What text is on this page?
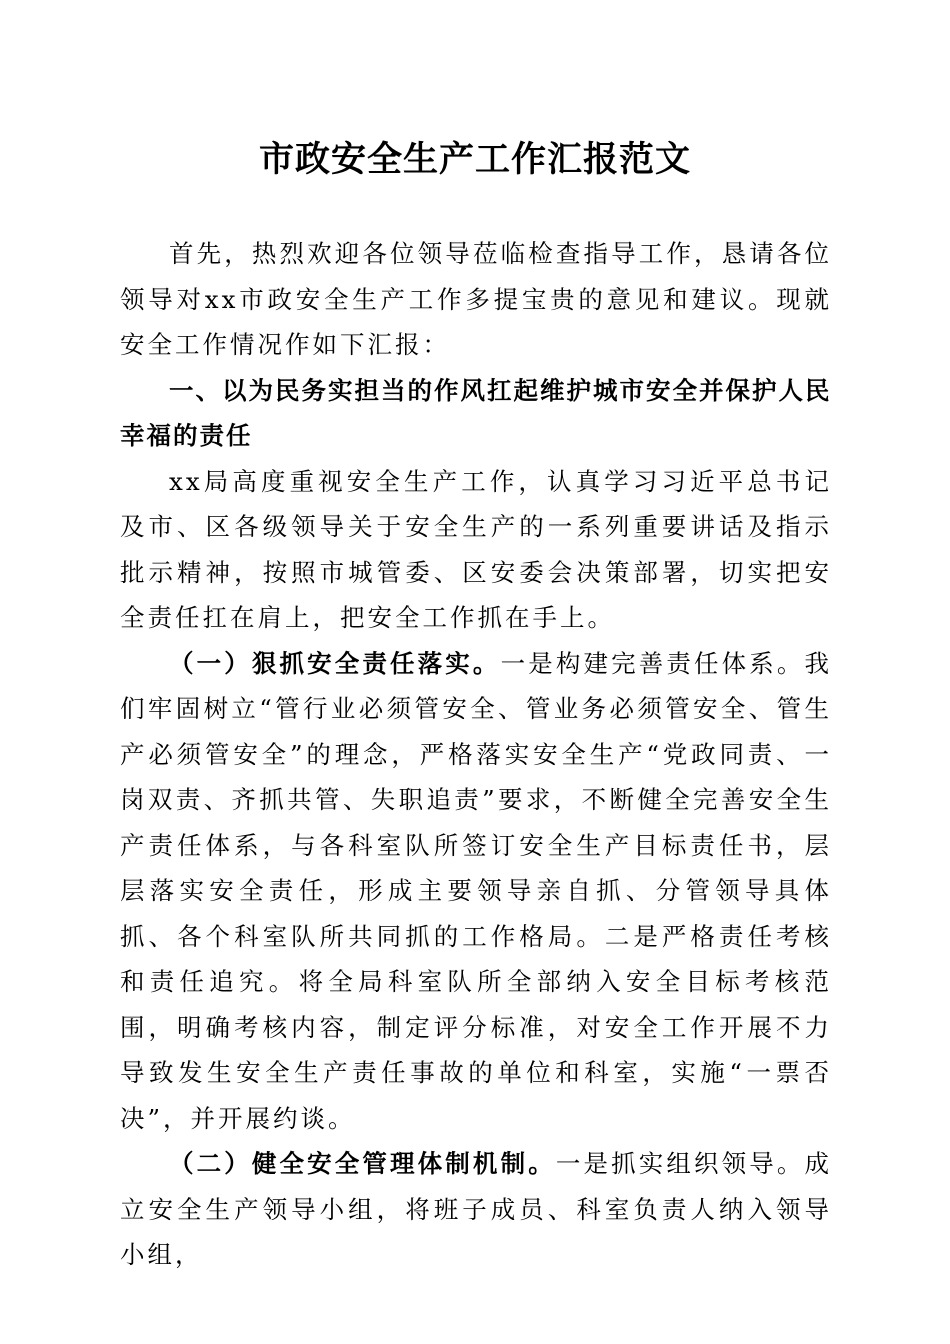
市政安全生产工作汇报范文

首先，热烈欢迎各位领导莅临检查指导工作，恳请各位领导对xx市政安全生产工作多提宝贵的意见和建议。现就安全工作情况作如下汇报：

一、以为民务实担当的作风扛起维护城市安全并保护人民幸福的责任

xx局高度重视安全生产工作，认真学习习近平总书记及市、区各级领导关于安全生产的一系列重要讲话及指示批示精神，按照市城管委、区安委会决策部署，切实把安全责任扛在肩上，把安全工作抓在手上。

（一）狠抓安全责任落实。一是构建完善责任体系。我们牢固树立“管行业必须管安全、管业务必须管安全、管生产必须管安全”的理念，严格落实安全生产“党政同责、一岗双责、齐抓共管、失职追责”要求，不断健全完善安全生产责任体系，与各科室队所签订安全生产目标责任书，层层落实安全责任，形成主要领导亲自抓、分管领导具体抓、各个科室队所共同抓的工作格局。二是严格责任考核和责任追究。将全局科室队所全部纳入安全目标考核范围，明确考核内容，制定评分标准，对安全工作开展不力导致发生安全生产责任事故的单位和科室，实施“一票否决”，并开展约谈。

（二）健全安全管理体制机制。一是抓实组织领导。成立安全生产领导小组，将班子成员、科室负责人纳入领导小组，
